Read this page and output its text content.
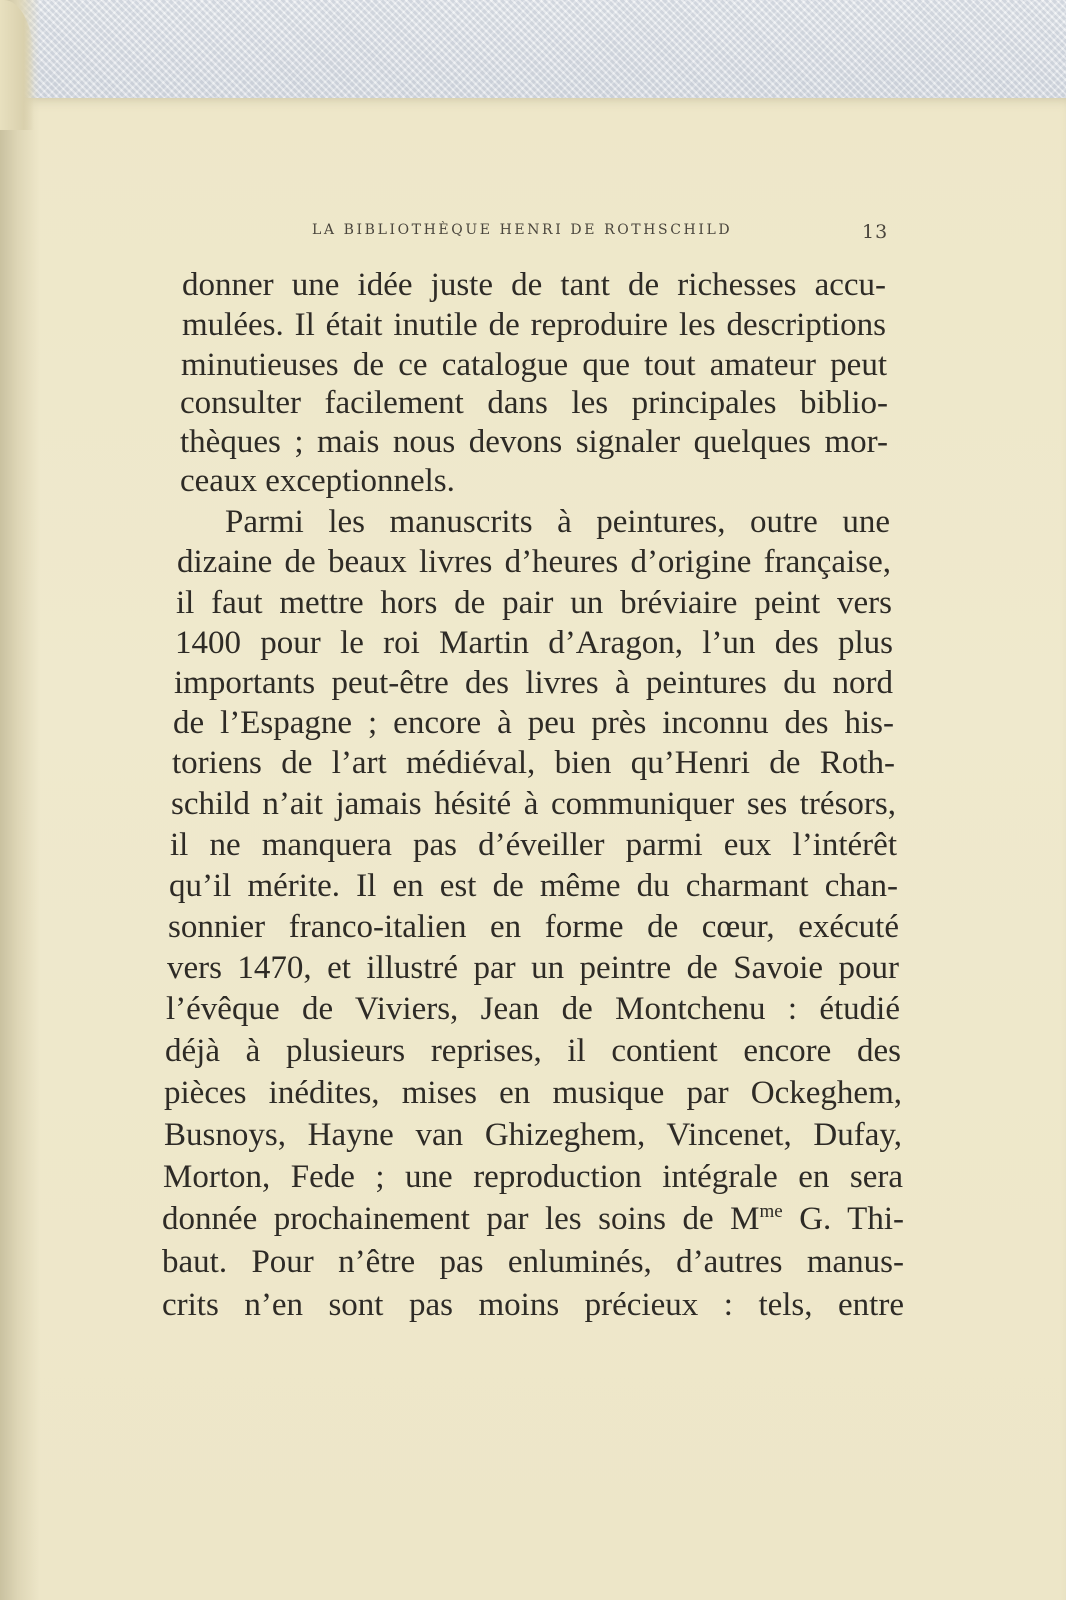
LA BIBLIOTHÈQUE HENRI DE ROTHSCHILD	13
donner une idée juste de tant de richesses accu-
mulées. Il était inutile de reproduire les descriptions
minutieuses de ce catalogue que tout amateur peut
consulter facilement dans les principales biblio-
thèques ; mais nous devons signaler quelques mor-
ceaux exceptionnels.
Parmi les manuscrits à peintures, outre une
dizaine de beaux livres d’heures d’origine française,
il faut mettre hors de pair un bréviaire peint vers
1400 pour le roi Martin d’Aragon, l’un des plus
importants peut-être des livres à peintures du nord
de l’Espagne ; encore à peu près inconnu des his-
toriens de l’art médiéval, bien qu’Henri de Roth-
schild n’ait jamais hésité à communiquer ses trésors,
il ne manquera pas d’éveiller parmi eux l’intérêt
qu’il mérite. Il en est de même du charmant chan-
sonnier franco-italien en forme de cœur, exécuté
vers 1470, et illustré par un peintre de Savoie pour
l’évêque de Viviers, Jean de Montchenu : étudié
déjà à plusieurs reprises, il contient encore des
pièces inédites, mises en musique par Ockeghem,
Busnoys, Hayne van Ghizeghem, Vincenet, Dufay,
Morton, Fede ; une reproduction intégrale en sera
donnée prochainement par les soins de $M^{me}$ G. Thi-
baut. Pour n’être pas enluminés, d’autres manus-
crits n’en sont pas moins précieux : tels, entre
